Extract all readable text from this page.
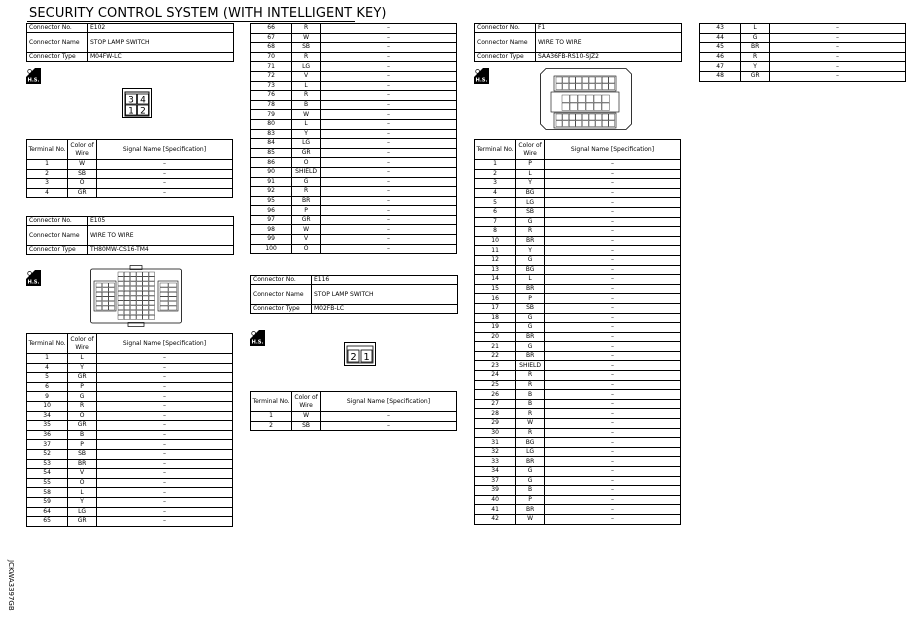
SECURITY CONTROL SYSTEM (WITH INTELLIGENT KEY)
Connector No.	E102
Connector Name	STOP LAMP SWITCH
Connector Type	M04FW-LC
H.S.
3 4
1 2
Terminal No.	Color of Wire	Signal Name [Specification]
1	W	–
2	SB	–
3	O	–
4	GR	–
Connector No.	E105
Connector Name	WIRE TO WIRE
Connector Type	TH80MW-CS16-TM4
H.S.
Terminal No.	Color of Wire	Signal Name [Specification]
1	L	–
4	Y	–
5	GR	–
6	P	–
9	G	–
10	R	–
34	O	–
35	GR	–
36	B	–
37	P	–
52	SB	–
53	BR	–
54	V	–
55	O	–
58	L	–
59	Y	–
64	LG	–
65	GR	–
66	R	–
67	W	–
68	SB	–
70	R	–
71	LG	–
72	V	–
73	L	–
76	R	–
78	B	–
79	W	–
80	L	–
83	Y	–
84	LG	–
85	GR	–
86	O	–
90	SHIELD	–
91	G	–
92	R	–
95	BR	–
96	P	–
97	GR	–
98	W	–
99	V	–
100	O	–
Connector No.	E116
Connector Name	STOP LAMP SWITCH
Connector Type	M02FB-LC
H.S.
2 1
Terminal No.	Color of Wire	Signal Name [Specification]
1	W	–
2	SB	–
Connector No.	F1
Connector Name	WIRE TO WIRE
Connector Type	SAA36FB-RS10-SJZ2
H.S.
Terminal No.	Color of Wire	Signal Name [Specification]
1	P	–
2	L	–
3	Y	–
4	BG	–
5	LG	–
6	SB	–
7	G	–
8	R	–
10	BR	–
11	Y	–
12	G	–
13	BG	–
14	L	–
15	BR	–
16	P	–
17	SB	–
18	G	–
19	G	–
20	BR	–
21	G	–
22	BR	–
23	SHIELD	–
24	R	–
25	R	–
26	B	–
27	B	–
28	R	–
29	W	–
30	R	–
31	BG	–
32	LG	–
33	BR	–
34	G	–
37	G	–
39	B	–
40	P	–
41	BR	–
42	W	–
43	L	–
44	G	–
45	BR	–
46	R	–
47	Y	–
48	GR	–
JCKWA3397GB
